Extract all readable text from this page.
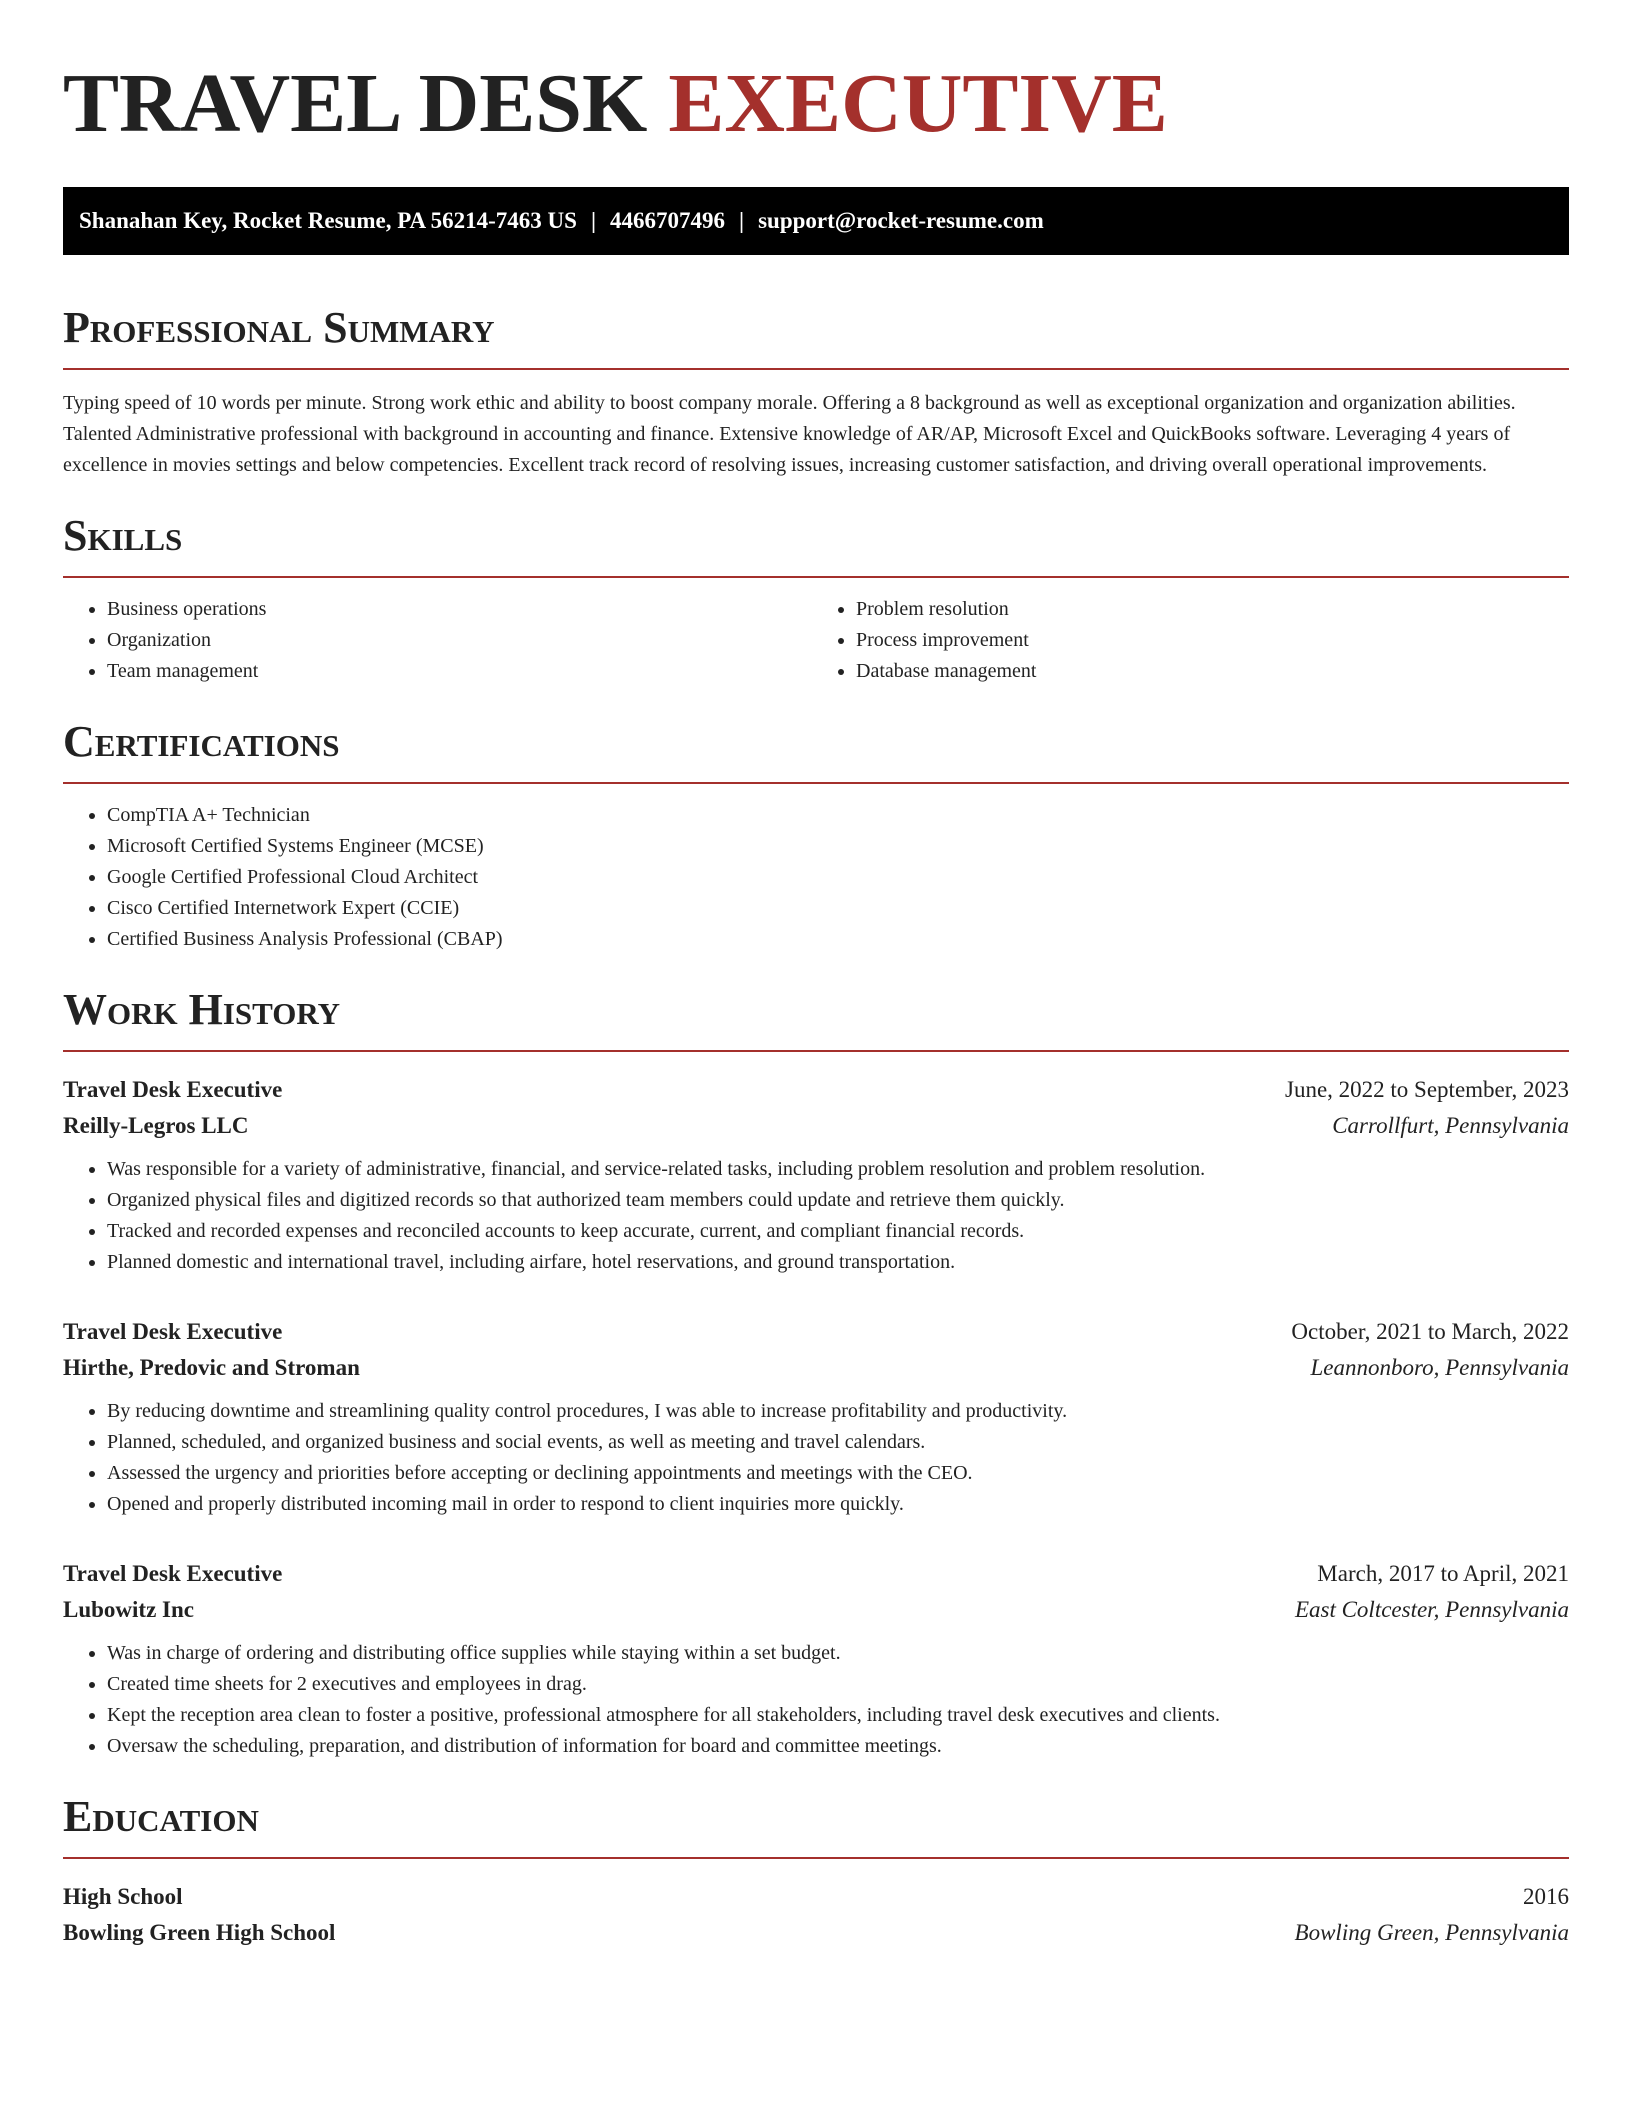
TRAVEL DESK EXECUTIVE
Shanahan Key, Rocket Resume, PA 56214-7463 US | 4466707496 | support@rocket-resume.com
Professional Summary

Typing speed of 10 words per minute. Strong work ethic and ability to boost company morale. Offering a 8 background as well as exceptional organization and organization abilities. Talented Administrative professional with background in accounting and finance. Extensive knowledge of AR/AP, Microsoft Excel and QuickBooks software. Leveraging 4 years of excellence in movies settings and below competencies. Excellent track record of resolving issues, increasing customer satisfaction, and driving overall operational improvements.

Skills
• Business operations
• Organization
• Team management
• Problem resolution
• Process improvement
• Database management
Certifications
• CompTIA A+ Technician
• Microsoft Certified Systems Engineer (MCSE)
• Google Certified Professional Cloud Architect
• Cisco Certified Internetwork Expert (CCIE)
• Certified Business Analysis Professional (CBAP)
Work History
Travel Desk Executive	June, 2022 to September, 2023
Reilly-Legros LLC	Carrollfurt, Pennsylvania
• Was responsible for a variety of administrative, financial, and service-related tasks, including problem resolution and problem resolution.
• Organized physical files and digitized records so that authorized team members could update and retrieve them quickly.
• Tracked and recorded expenses and reconciled accounts to keep accurate, current, and compliant financial records.
• Planned domestic and international travel, including airfare, hotel reservations, and ground transportation.
Travel Desk Executive	October, 2021 to March, 2022
Hirthe, Predovic and Stroman	Leannonboro, Pennsylvania
• By reducing downtime and streamlining quality control procedures, I was able to increase profitability and productivity.
• Planned, scheduled, and organized business and social events, as well as meeting and travel calendars.
• Assessed the urgency and priorities before accepting or declining appointments and meetings with the CEO.
• Opened and properly distributed incoming mail in order to respond to client inquiries more quickly.
Travel Desk Executive	March, 2017 to April, 2021
Lubowitz Inc	East Coltcester, Pennsylvania
• Was in charge of ordering and distributing office supplies while staying within a set budget.
• Created time sheets for 2 executives and employees in drag.
• Kept the reception area clean to foster a positive, professional atmosphere for all stakeholders, including travel desk executives and clients.
• Oversaw the scheduling, preparation, and distribution of information for board and committee meetings.
Education
High School	2016
Bowling Green High School	Bowling Green, Pennsylvania
